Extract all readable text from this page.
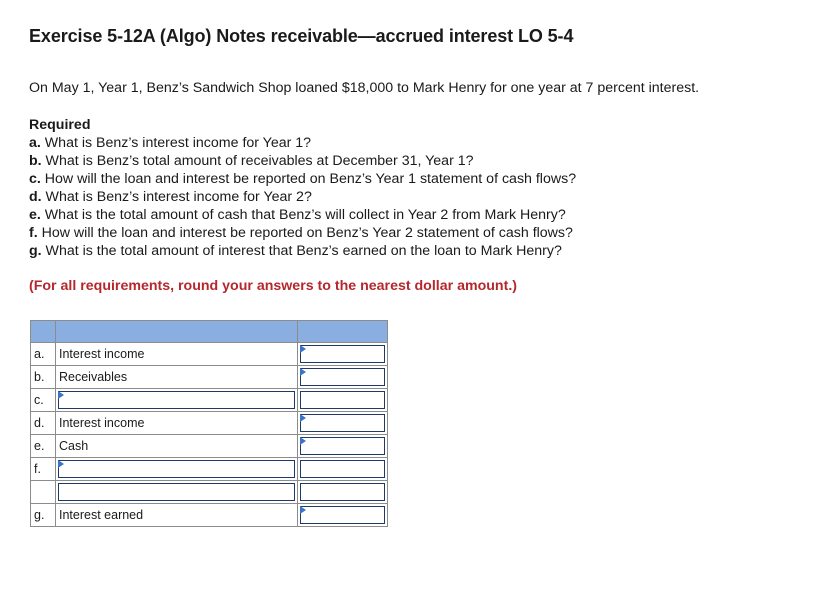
Exercise 5-12A (Algo) Notes receivable—accrued interest LO 5-4

On May 1, Year 1, Benz’s Sandwich Shop loaned $18,000 to Mark Henry for one year at 7 percent interest.

Required
a. What is Benz’s interest income for Year 1?
b. What is Benz’s total amount of receivables at December 31, Year 1?
c. How will the loan and interest be reported on Benz’s Year 1 statement of cash flows?
d. What is Benz’s interest income for Year 2?
e. What is the total amount of cash that Benz’s will collect in Year 2 from Mark Henry?
f. How will the loan and interest be reported on Benz’s Year 2 statement of cash flows?
g. What is the total amount of interest that Benz’s earned on the loan to Mark Henry?

(For all requirements, round your answers to the nearest dollar amount.)

a.	Interest income	

b.	Receivables	

c.	

d.	Interest income	

e.	Cash	

f.	

g.	Interest earned	
